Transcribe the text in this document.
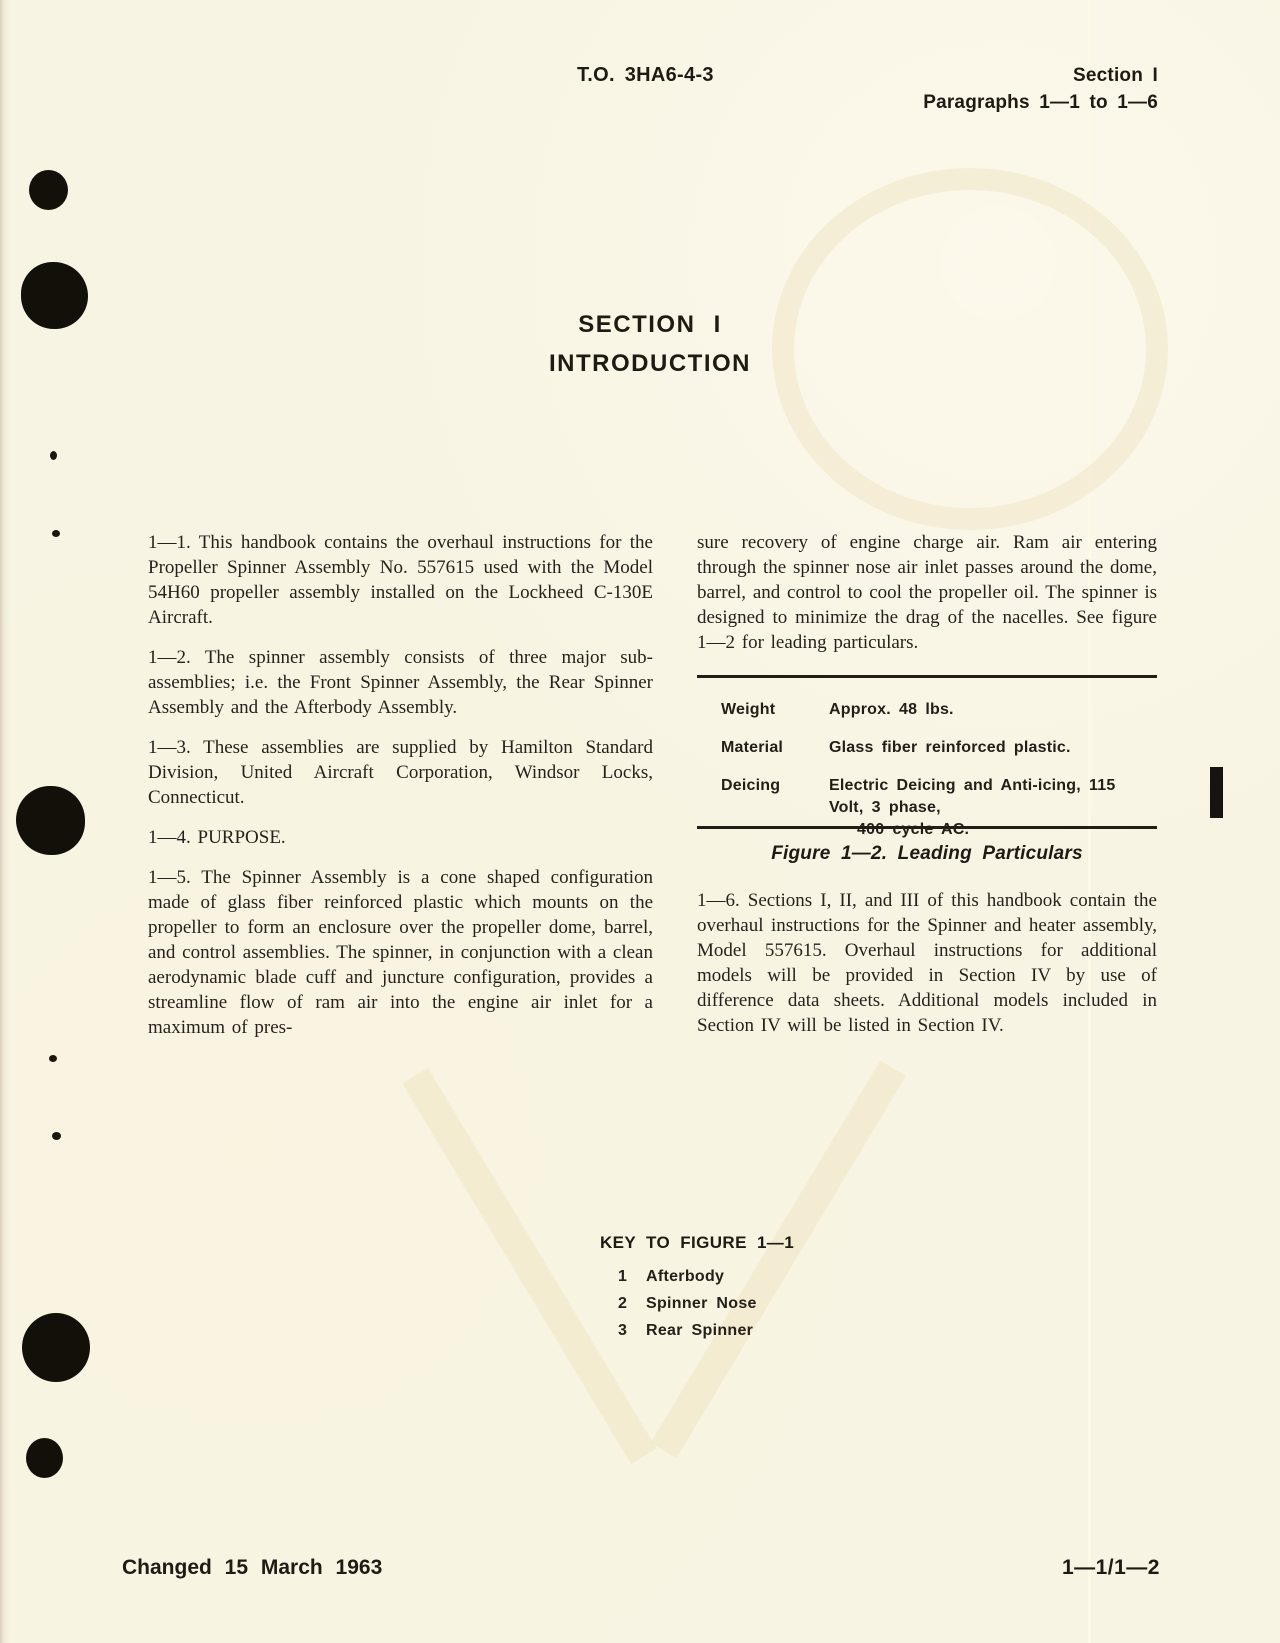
T.O. 3HA6-4-3	Section I
Paragraphs 1—1 to 1—6
SECTION I
INTRODUCTION

1—1. This handbook contains the overhaul instructions for the Propeller Spinner Assembly No. 557615 used with the Model 54H60 propeller assembly installed on the Lockheed C-130E Aircraft.

1—2. The spinner assembly consists of three major sub-assemblies; i.e. the Front Spinner Assembly, the Rear Spinner Assembly and the Afterbody Assembly.

1—3. These assemblies are supplied by Hamilton Standard Division, United Aircraft Corporation, Windsor Locks, Connecticut.

1—4. PURPOSE.

1—5. The Spinner Assembly is a cone shaped configuration made of glass fiber reinforced plastic which mounts on the propeller to form an enclosure over the propeller dome, barrel, and control assemblies. The spinner, in conjunction with a clean aerodynamic blade cuff and juncture configuration, provides a streamline flow of ram air into the engine air inlet for a maximum of pres-

sure recovery of engine charge air. Ram air entering through the spinner nose air inlet passes around the dome, barrel, and control to cool the propeller oil. The spinner is designed to minimize the drag of the nacelles. See figure 1—2 for leading particulars.

Weight	Approx. 48 lbs.
Material	Glass fiber reinforced plastic.
Deicing	Electric Deicing and Anti-icing, 115 Volt, 3 phase,
400 cycle AC.
Figure 1—2. Leading Particulars

1—6. Sections I, II, and III of this handbook contain the overhaul instructions for the Spinner and heater assembly, Model 557615. Overhaul instructions for additional models will be provided in Section IV by use of difference data sheets. Additional models included in Section IV will be listed in Section IV.

KEY TO FIGURE 1—1
1 Afterbody
2 Spinner Nose
3 Rear Spinner
Changed 15 March 1963	1—1/1—2
